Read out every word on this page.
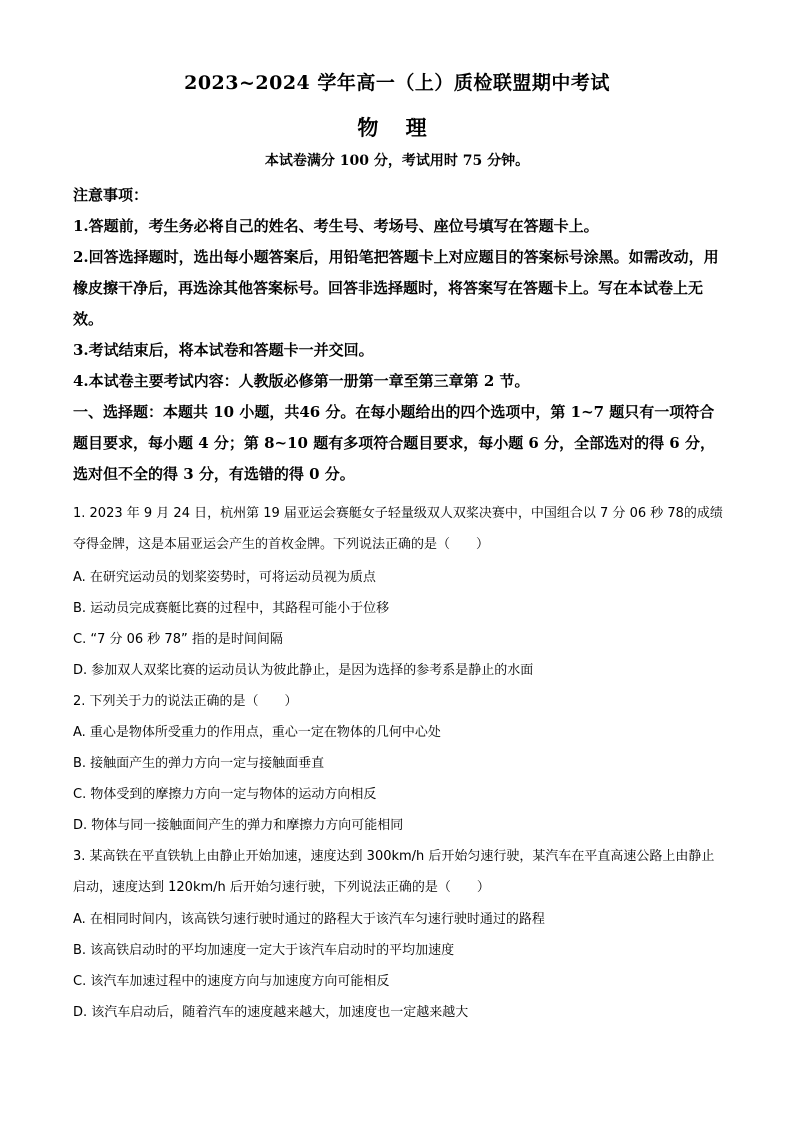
2023~2024 学年高一（上）质检联盟期中考试
物 理
本试卷满分 100 分，考试用时 75 分钟。
注意事项：
1.答题前，考生务必将自己的姓名、考生号、考场号、座位号填写在答题卡上。
2.回答选择题时，选出每小题答案后，用铅笔把答题卡上对应题目的答案标号涂黑。如需改动，用橡皮擦干净后，再选涂其他答案标号。回答非选择题时，将答案写在答题卡上。写在本试卷上无效。
3.考试结束后，将本试卷和答题卡一并交回。
4.本试卷主要考试内容：人教版必修第一册第一章至第三章第 2 节。
一、选择题：本题共 10 小题，共46 分。在每小题给出的四个选项中，第 1~7 题只有一项符合题目要求，每小题 4 分；第 8~10 题有多项符合题目要求，每小题 6 分，全部选对的得 6 分，选对但不全的得 3 分，有选错的得 0 分。
1. 2023 年 9 月 24 日，杭州第 19 届亚运会赛艇女子轻量级双人双桨决赛中，中国组合以 7 分 06 秒 78的成绩夺得金牌，这是本届亚运会产生的首枚金牌。下列说法正确的是（　　）
A. 在研究运动员的划桨姿势时，可将运动员视为质点
B. 运动员完成赛艇比赛的过程中，其路程可能小于位移
C. “7 分 06 秒 78” 指的是时间间隔
D. 参加双人双桨比赛的运动员认为彼此静止，是因为选择的参考系是静止的水面
2. 下列关于力的说法正确的是（　　）
A. 重心是物体所受重力的作用点，重心一定在物体的几何中心处
B. 接触面产生的弹力方向一定与接触面垂直
C. 物体受到的摩擦力方向一定与物体的运动方向相反
D. 物体与同一接触面间产生的弹力和摩擦力方向可能相同
3. 某高铁在平直铁轨上由静止开始加速，速度达到 300km/h 后开始匀速行驶，某汽车在平直高速公路上由静止启动，速度达到 120km/h 后开始匀速行驶，下列说法正确的是（　　）
A. 在相同时间内，该高铁匀速行驶时通过的路程大于该汽车匀速行驶时通过的路程
B. 该高铁启动时的平均加速度一定大于该汽车启动时的平均加速度
C. 该汽车加速过程中的速度方向与加速度方向可能相反
D. 该汽车启动后，随着汽车的速度越来越大，加速度也一定越来越大
